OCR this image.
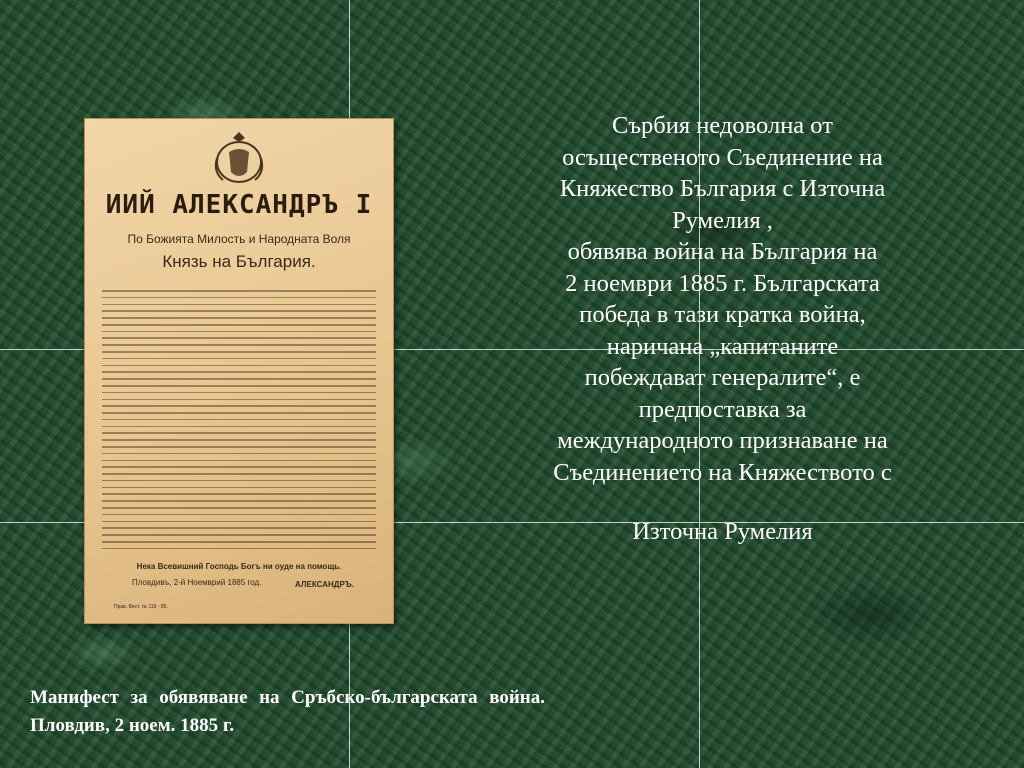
ИИЙ АЛЕКСАНДРЪ I
По Божията Милость и Народната Воля
Князь на България.
Нека Всевишний Господь Богъ ни оуде на помощь.
Пловдивъ, 2-й Ноемврий 1885 год.	АЛЕКСАНДРЪ.
Прав. Вест. № 119 - 85.
Сърбия недоволна от
осъщественото Съединение на
Княжество България с Източна
Румелия ,
обявява война на България на
2 ноември 1885 г. Българската
победа в тази кратка война,
наричана „капитаните
побеждават генералите“, е
предпоставка за
международното признаване на
Съединението на Княжеството с
Източна Румелия
Манифест за обявяване на Сръбско-българската война. Пловдив, 2 ноем. 1885 г.
